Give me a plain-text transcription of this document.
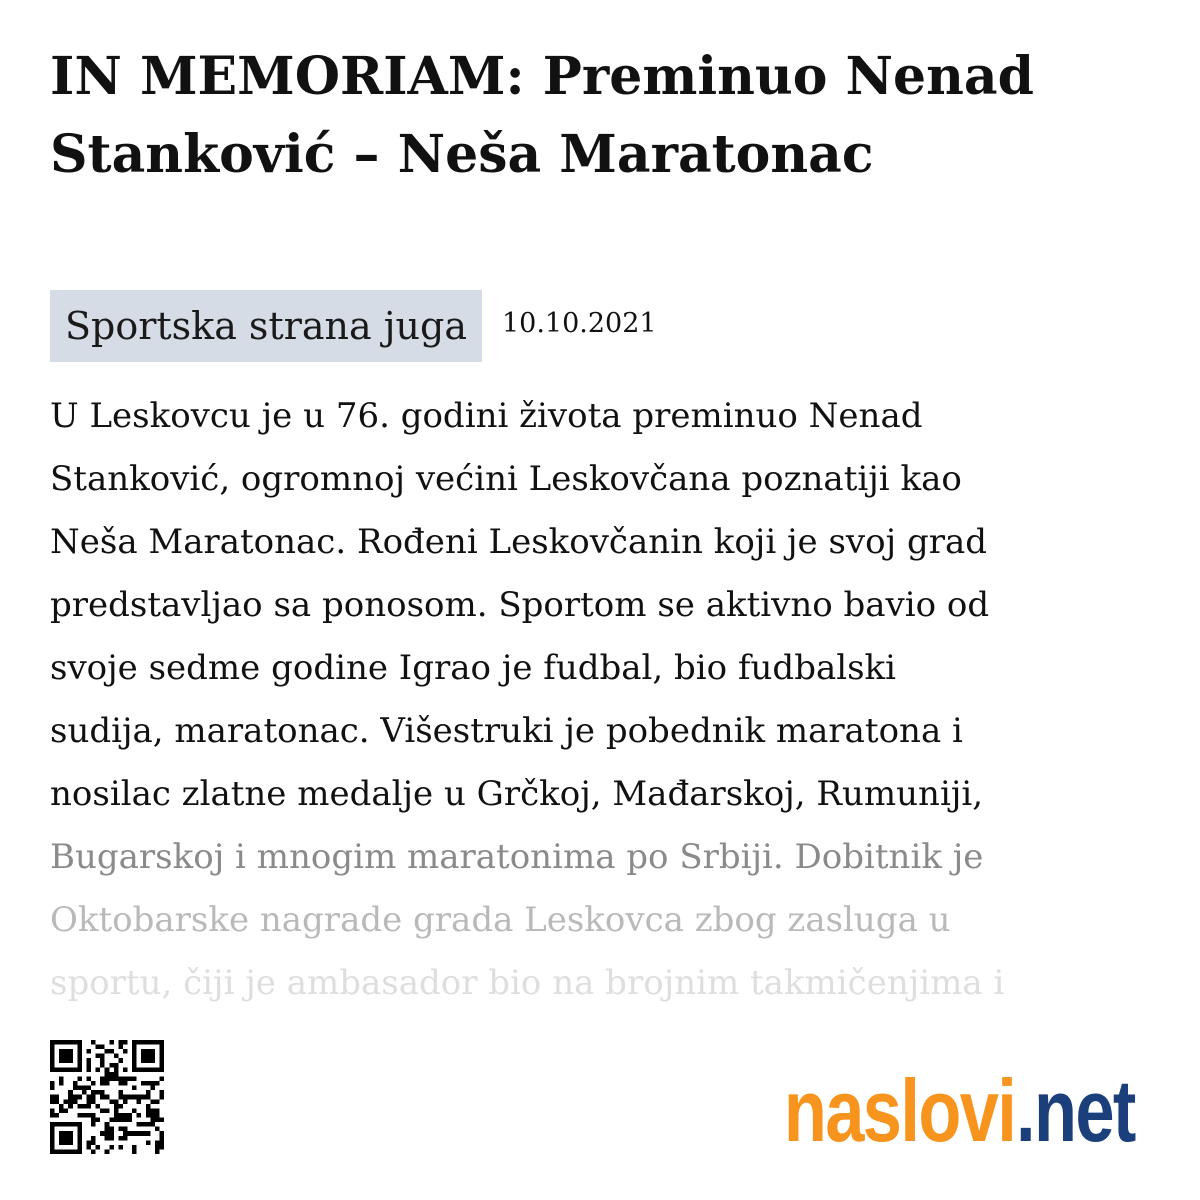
IN MEMORIAM: Preminuo Nenad Stanković – Neša Maratonac
Sportska strana juga	10.10.2021
U Leskovcu je u 76. godini života preminuo Nenad
Stanković, ogromnoj većini Leskovčana poznatiji kao
Neša Maratonac. Rođeni Leskovčanin koji je svoj grad
predstavljao sa ponosom. Sportom se aktivno bavio od
svoje sedme godine Igrao je fudbal, bio fudbalski
sudija, maratonac. Višestruki je pobednik maratona i
nosilac zlatne medalje u Grčkoj, Mađarskoj, Rumuniji,
Bugarskoj i mnogim maratonima po Srbiji. Dobitnik je
Oktobarske nagrade grada Leskovca zbog zasluga u
sportu, čiji je ambasador bio na brojnim takmičenjima i
naslovi .net
